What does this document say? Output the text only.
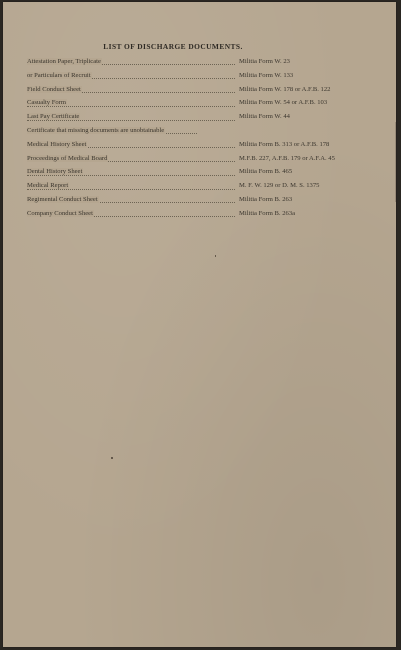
LIST OF DISCHARGE DOCUMENTS.
Attestation Paper, Triplicate	Militia Form W. 23
or Particulars of Recruit	Militia Form W. 133
Field Conduct Sheet	Militia Form W. 178 or A.F.B. 122
Casualty Form	Militia Form W. 54 or A.F.B. 103
Last Pay Certificate	Militia Form W. 44
Certificate that missing documents are unobtainable
Medical History Sheet	Militia Form B. 313 or A.F.B. 178
Proceedings of Medical Board	M.F.B. 227, A.F.B. 179 or A.F.A. 45
Dental History Sheet	Militia Form B. 465
Medical Report	M. F. W. 129 or D. M. S. 1375
Regimental Conduct Sheet	Militia Form B. 263
Company Conduct Sheet	Militia Form B. 263a
